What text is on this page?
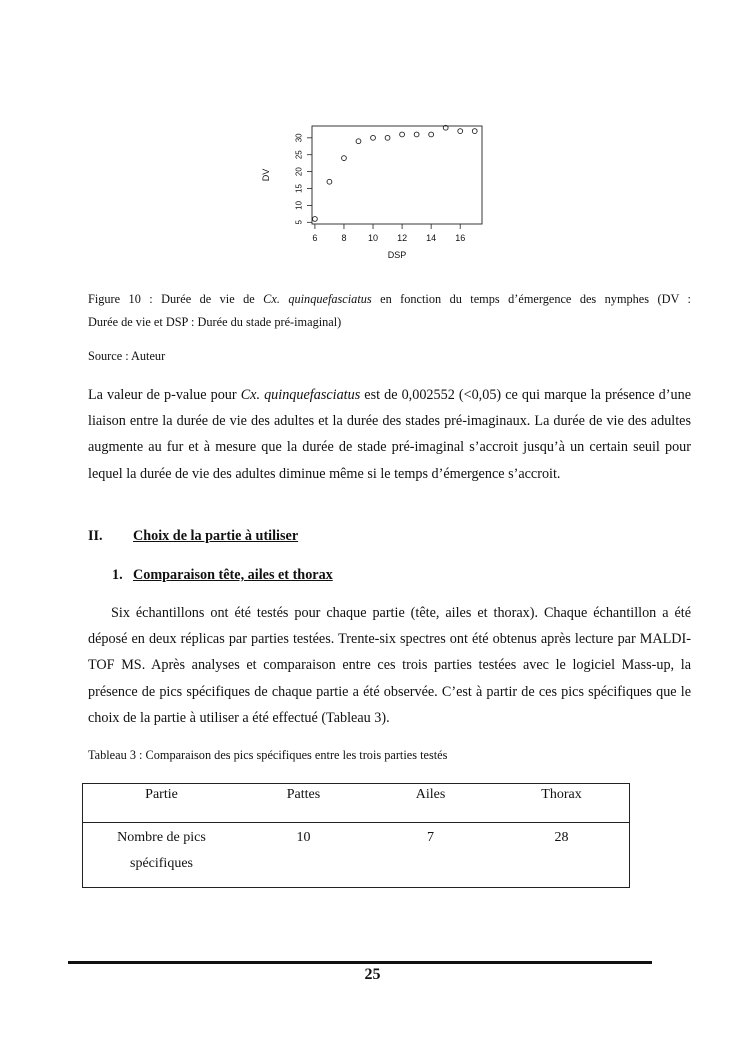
6	8 10 12 14 16
5
10
15
20
25
30
DSP
DV
Figure 10 : Durée de vie de Cx. quinquefasciatus en fonction du temps d’émergence des nymphes (DV :
Durée de vie et DSP : Durée du stade pré-imaginal)
Source : Auteur
La valeur de p-value pour Cx. quinquefasciatus est de 0,002552 (<0,05) ce qui marque la présence d’une liaison entre la durée de vie des adultes et la durée des stades pré-imaginaux. La durée de vie des adultes augmente au fur et à mesure que la durée de stade pré-imaginal s’accroit jusqu’à un certain seuil pour lequel la durée de vie des adultes diminue même si le temps d’émergence s’accroit.
II. Choix de la partie à utiliser
1. Comparaison tête, ailes et thorax
Six échantillons ont été testés pour chaque partie (tête, ailes et thorax). Chaque échantillon a été déposé en deux réplicas par parties testées. Trente-six spectres ont été obtenus après lecture par MALDI-TOF MS. Après analyses et comparaison entre ces trois parties testées avec le logiciel Mass-up, la présence de pics spécifiques de chaque partie a été observée. C’est à partir de ces pics spécifiques que le choix de la partie à utiliser a été effectué (Tableau 3).
Tableau 3 : Comparaison des pics spécifiques entre les trois parties testés
Partie	Pattes	Ailes	Thorax
Nombre de pics
spécifiques	10	7	28
25
